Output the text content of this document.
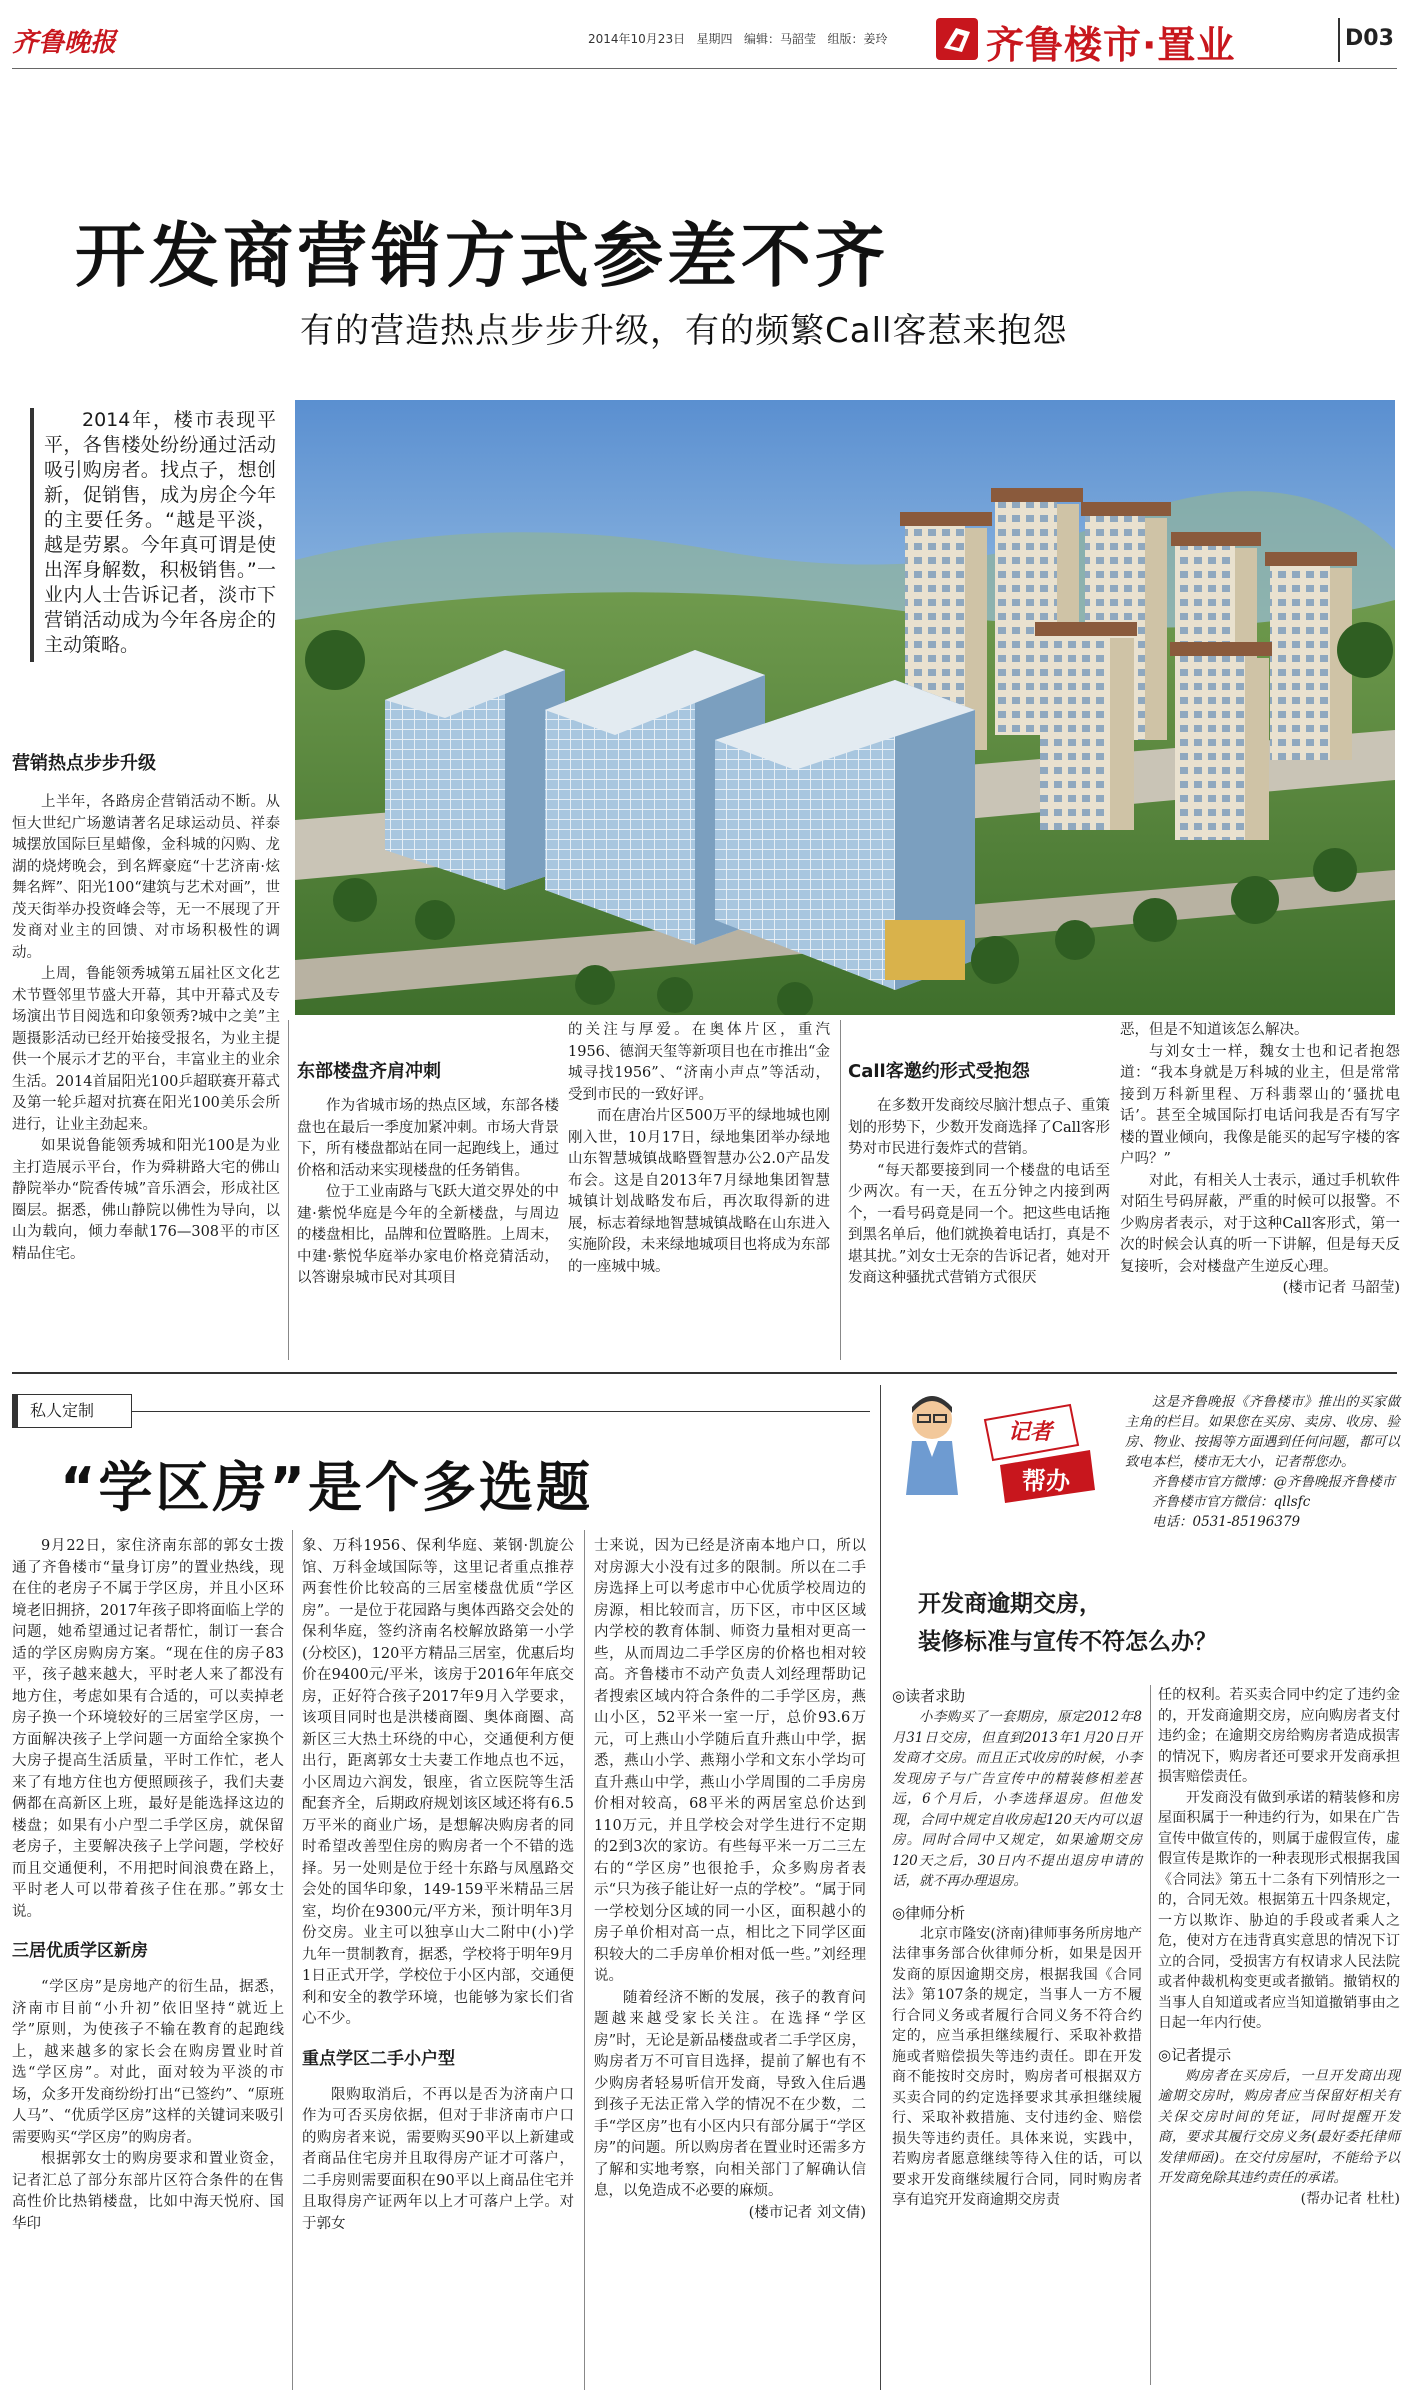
齐鲁晚报	2014年10月23日 星期四 编辑：马韶莹 组版：姜玲	齐鲁楼市·置业	D03
开发商营销方式参差不齐
有的营造热点步步升级，有的频繁Call客惹来抱怨
2014年，楼市表现平平，各售楼处纷纷通过活动吸引购房者。找点子，想创新，促销售，成为房企今年的主要任务。“越是平淡，越是劳累。今年真可谓是使出浑身解数，积极销售。”一业内人士告诉记者，淡市下营销活动成为今年各房企的主动策略。
营销热点步步升级

上半年，各路房企营销活动不断。从恒大世纪广场邀请著名足球运动员、祥泰城摆放国际巨星蜡像，金科城的闪购、龙湖的烧烤晚会，到名辉豪庭“十艺济南·炫舞名辉”、阳光100“建筑与艺术对画”，世茂天街举办投资峰会等，无一不展现了开发商对业主的回馈、对市场积极性的调动。

上周，鲁能领秀城第五届社区文化艺术节暨邻里节盛大开幕，其中开幕式及专场演出节目阅选和印象领秀?城中之美”主题摄影活动已经开始接受报名，为业主提供一个展示才艺的平台，丰富业主的业余生活。2014首届阳光100乒超联赛开幕式及第一轮乒超对抗赛在阳光100美乐会所进行，让业主劲起来。

如果说鲁能领秀城和阳光100是为业主打造展示平台，作为舜耕路大宅的佛山静院举办“院香传城”音乐酒会，形成社区圈层。据悉，佛山静院以佛性为导向，以山为载向，倾力奉献176—308平的市区精品住宅。

东部楼盘齐肩冲刺

作为省城市场的热点区域，东部各楼盘也在最后一季度加紧冲刺。市场大背景下，所有楼盘都站在同一起跑线上，通过价格和活动来实现楼盘的任务销售。

位于工业南路与飞跃大道交界处的中建·紫悦华庭是今年的全新楼盘，与周边的楼盘相比，品牌和位置略胜。上周末，中建·紫悦华庭举办家电价格竞猜活动，以答谢泉城市民对其项目

的关注与厚爱。在奥体片区，重汽1956、德润天玺等新项目也在市推出“金城寻找1956”、“济南小声点”等活动，受到市民的一致好评。

而在唐冶片区500万平的绿地城也刚刚入世，10月17日，绿地集团举办绿地山东智慧城镇战略暨智慧办公2.0产品发布会。这是自2013年7月绿地集团智慧城镇计划战略发布后，再次取得新的进展，标志着绿地智慧城镇战略在山东进入实施阶段，未来绿地城项目也将成为东部的一座城中城。

Call客邀约形式受抱怨

在多数开发商绞尽脑汁想点子、重策划的形势下，少数开发商选择了Call客形势对市民进行轰炸式的营销。

“每天都要接到同一个楼盘的电话至少两次。有一天，在五分钟之内接到两个，一看号码竟是同一个。把这些电话拖到黑名单后，他们就换着电话打，真是不堪其扰。”刘女士无奈的告诉记者，她对开发商这种骚扰式营销方式很厌

恶，但是不知道该怎么解决。

与刘女士一样，魏女士也和记者抱怨道：“我本身就是万科城的业主，但是常常接到万科新里程、万科翡翠山的‘骚扰电话’。甚至全城国际打电话问我是否有写字楼的置业倾向，我像是能买的起写字楼的客户吗？”

对此，有相关人士表示，通过手机软件对陌生号码屏蔽，严重的时候可以报警。不少购房者表示，对于这种Call客形式，第一次的时候会认真的听一下讲解，但是每天反复接听，会对楼盘产生逆反心理。

(楼市记者 马韶莹)
私人定制
“学区房”是个多选题

9月22日，家住济南东部的郭女士拨通了齐鲁楼市“量身订房”的置业热线，现在住的老房子不属于学区房，并且小区环境老旧拥挤，2017年孩子即将面临上学的问题，她希望通过记者帮忙，制订一套合适的学区房购房方案。“现在住的房子83平，孩子越来越大，平时老人来了都没有地方住，考虑如果有合适的，可以卖掉老房子换一个环境较好的三居室学区房，一方面解决孩子上学问题一方面给全家换个大房子提高生活质量，平时工作忙，老人来了有地方住也方便照顾孩子，我们夫妻俩都在高新区上班，最好是能选择这边的楼盘；如果有小户型二手学区房，就保留老房子，主要解决孩子上学问题，学校好而且交通便利，不用把时间浪费在路上，平时老人可以带着孩子住在那。”郭女士说。

三居优质学区新房

“学区房”是房地产的衍生品，据悉，济南市目前“小升初”依旧坚持“就近上学”原则，为使孩子不输在教育的起跑线上，越来越多的家长会在购房置业时首选“学区房”。对此，面对较为平淡的市场，众多开发商纷纷打出“已签约”、“原班人马”、“优质学区房”这样的关键词来吸引需要购买“学区房”的购房者。

根据郭女士的购房要求和置业资金，记者汇总了部分东部片区符合条件的在售高性价比热销楼盘，比如中海天悦府、国华印

象、万科1956、保利华庭、莱钢·凯旋公馆、万科金域国际等，这里记者重点推荐两套性价比较高的三居室楼盘优质“学区房”。一是位于花园路与奥体西路交会处的保利华庭，签约济南名校解放路第一小学(分校区)，120平方精品三居室，优惠后均价在9400元/平米，该房于2016年年底交房，正好符合孩子2017年9月入学要求，该项目同时也是洪楼商圈、奥体商圈、高新区三大热土环绕的中心，交通便利方便出行，距离郭女士夫妻工作地点也不远，小区周边六润发，银座，省立医院等生活配套齐全，后期政府规划该区域还将有6.5万平米的商业广场，是想解决购房者的同时希望改善型住房的购房者一个不错的选择。另一处则是位于经十东路与凤凰路交会处的国华印象，149-159平米精品三居室，均价在9300元/平方米，预计明年3月份交房。业主可以独享山大二附中(小)学九年一贯制教育，据悉，学校将于明年9月1日正式开学，学校位于小区内部，交通便利和安全的教学环境，也能够为家长们省心不少。

重点学区二手小户型

限购取消后，不再以是否为济南户口作为可否买房依据，但对于非济南市户口的购房者来说，需要购买90平以上新建或者商品住宅房并且取得房产证才可落户，二手房则需要面积在90平以上商品住宅并且取得房产证两年以上才可落户上学。对于郭女

士来说，因为已经是济南本地户口，所以对房源大小没有过多的限制。所以在二手房选择上可以考虑市中心优质学校周边的房源，相比较而言，历下区，市中区区域内学校的教育体制、师资力量相对更高一些，从而周边二手学区房的价格也相对较高。齐鲁楼市不动产负责人刘经理帮助记者搜索区域内符合条件的二手学区房，燕山小区，52平米一室一厅，总价93.6万元，可上燕山小学随后直升燕山中学，据悉，燕山小学、燕翔小学和文东小学均可直升燕山中学，燕山小学周围的二手房房价相对较高，68平米的两居室总价达到110万元，并且学校会对学生进行不定期的2到3次的家访。有些每平米一万二三左右的“学区房”也很抢手，众多购房者表示“只为孩子能让好一点的学校”。“属于同一学校划分区域的同一小区，面积越小的房子单价相对高一点，相比之下同学区面积较大的二手房单价相对低一些。”刘经理说。

随着经济不断的发展，孩子的教育问题越来越受家长关注。在选择“学区房”时，无论是新品楼盘或者二手学区房，购房者万不可盲目选择，提前了解也有不少购房者轻易听信开发商，导致入住后遇到孩子无法正常入学的情况不在少数，二手“学区房”也有小区内只有部分属于“学区房”的问题。所以购房者在置业时还需多方了解和实地考察，向相关部门了解确认信息，以免造成不必要的麻烦。

(楼市记者 刘文倩)
记者
帮办

这是齐鲁晚报《齐鲁楼市》推出的买家做主角的栏目。如果您在买房、卖房、收房、验房、物业、按揭等方面遇到任何问题，都可以致电本栏，楼市无大小，记者帮您办。

齐鲁楼市官方微博：@齐鲁晚报齐鲁楼市

齐鲁楼市官方微信：qllsfc

电话：0531-85196379

开发商逾期交房，
装修标准与宣传不符怎么办？
◎读者求助

小李购买了一套期房，原定2012年8月31日交房，但直到2013年1月20日开发商才交房。而且正式收房的时候，小李发现房子与广告宣传中的精装修相差甚远，6个月后，小李选择退房。但他发现，合同中规定自收房起120天内可以退房。同时合同中又规定，如果逾期交房120天之后，30日内不提出退房申请的话，就不再办理退房。

◎律师分析

北京市隆安(济南)律师事务所房地产法律事务部合伙律师分析，如果是因开发商的原因逾期交房，根据我国《合同法》第107条的规定，当事人一方不履行合同义务或者履行合同义务不符合约定的，应当承担继续履行、采取补救措施或者赔偿损失等违约责任。即在开发商不能按时交房时，购房者可根据双方买卖合同的约定选择要求其承担继续履行、采取补救措施、支付违约金、赔偿损失等违约责任。具体来说，实践中，若购房者愿意继续等待入住的话，可以要求开发商继续履行合同，同时购房者享有追究开发商逾期交房责

任的权利。若买卖合同中约定了违约金的，开发商逾期交房，应向购房者支付违约金；在逾期交房给购房者造成损害的情况下，购房者还可要求开发商承担损害赔偿责任。

开发商没有做到承诺的精装修和房屋面积属于一种违约行为，如果在广告宣传中做宣传的，则属于虚假宣传，虚假宣传是欺诈的一种表现形式根据我国《合同法》第五十二条有下列情形之一的，合同无效。根据第五十四条规定，一方以欺诈、胁迫的手段或者乘人之危，使对方在违背真实意思的情况下订立的合同，受损害方有权请求人民法院或者仲裁机构变更或者撤销。撤销权的当事人自知道或者应当知道撤销事由之日起一年内行使。

◎记者提示

购房者在买房后，一旦开发商出现逾期交房时，购房者应当保留好相关有关保交房时间的凭证，同时提醒开发商，要求其履行交房义务(最好委托律师发律师函)。在交付房屋时，不能给予以开发商免除其违约责任的承诺。

(帮办记者 杜杜)
